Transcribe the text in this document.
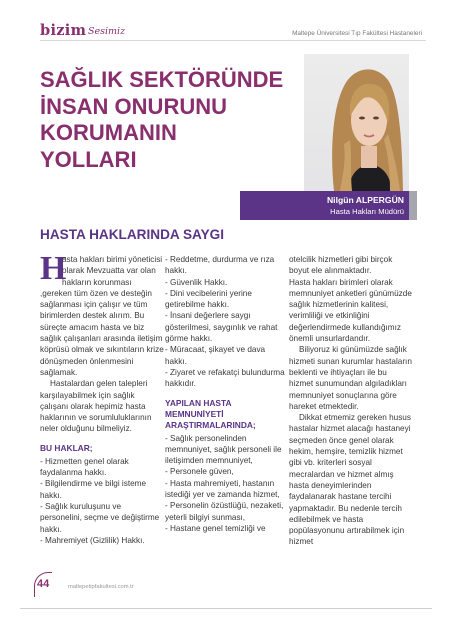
bizim Sesimiz	Maltepe Üniversitesi Tıp Fakültesi Hastaneleri
SAĞLIK SEKTÖRÜNDE
İNSAN ONURUNU
KORUMANIN
YOLLARI
Nilgün ALPERGÜN
Hasta Hakları Müdürü
HASTA HAKLARINDA SAYGI

H
asta hakları birimi yöneticisi olarak Mevzuatta var olan hakların korunması ,gereken tüm özen ve desteğin sağlanması için çalışır ve tüm birimlerden destek alırım. Bu süreçte amacım hasta ve biz sağlık çalışanları arasında iletişim köprüsü olmak ve sıkıntıların krize dönüşmeden önlenmesini sağlamak.

Hastalardan gelen talepleri karşılayabilmek için sağlık çalışanı olarak hepimiz hasta haklarının ve sorumluluklarının neler olduğunu bilmeliyiz.

BU HAKLAR;

- Hizmetten genel olarak faydalanma hakkı.
- Bilgilendirme ve bilgi isteme hakkı.
- Sağlık kuruluşunu ve personelini, seçme ve değiştirme hakkı.
- Mahremiyet (Gizlilik) Hakkı.

- Reddetme, durdurma ve rıza hakkı.
- Güvenlik Hakkı.
- Dini vecibelerini yerine getirebilme hakkı.
- İnsani değerlere saygı gösterilmesi, saygınlık ve rahat görme hakkı.
- Müracaat, şikayet ve dava hakkı.
- Ziyaret ve refakatçi bulundurma hakkıdır.

YAPILAN HASTA MEMNUNİYETİ ARAŞTIRMALARINDA;

- Sağlık personelinden memnuniyet, sağlık personeli ile iletişimden memnuniyet,
- Personele güven,
- Hasta mahremiyeti, hastanın istediği yer ve zamanda hizmet,
- Personelin özüstlüğü, nezaketi, yeterli bilgiyi sunması,
- Hastane genel temizliği ve

otelcilik hizmetleri gibi birçok boyut ele alınmaktadır.
Hasta hakları birimleri olarak memnuniyet anketleri günümüzde sağlık hizmetlerinin kalitesi, verimliliği ve etkinliğini değerlendirmede kullandığımız önemli unsurlardandır.

Biliyoruz ki günümüzde sağlık hizmeti sunan kurumlar hastaların beklenti ve ihtiyaçları ile bu hizmet sunumundan algıladıkları memnuniyet sonuçlarına göre hareket etmektedir.

Dikkat etmemiz gereken husus hastalar hizmet alacağı hastaneyi seçmeden önce genel olarak hekim, hemşire, temizlik hizmet gibi vb. kriterleri sosyal mecralardan ve hizmet almış hasta deneyimlerinden faydalanarak hastane tercihi yapmaktadır. Bu nedenle tercih edilebilmek ve hasta popülasyonunu artırabilmek için hizmet

44	maltepetipfakultesi.com.tr
